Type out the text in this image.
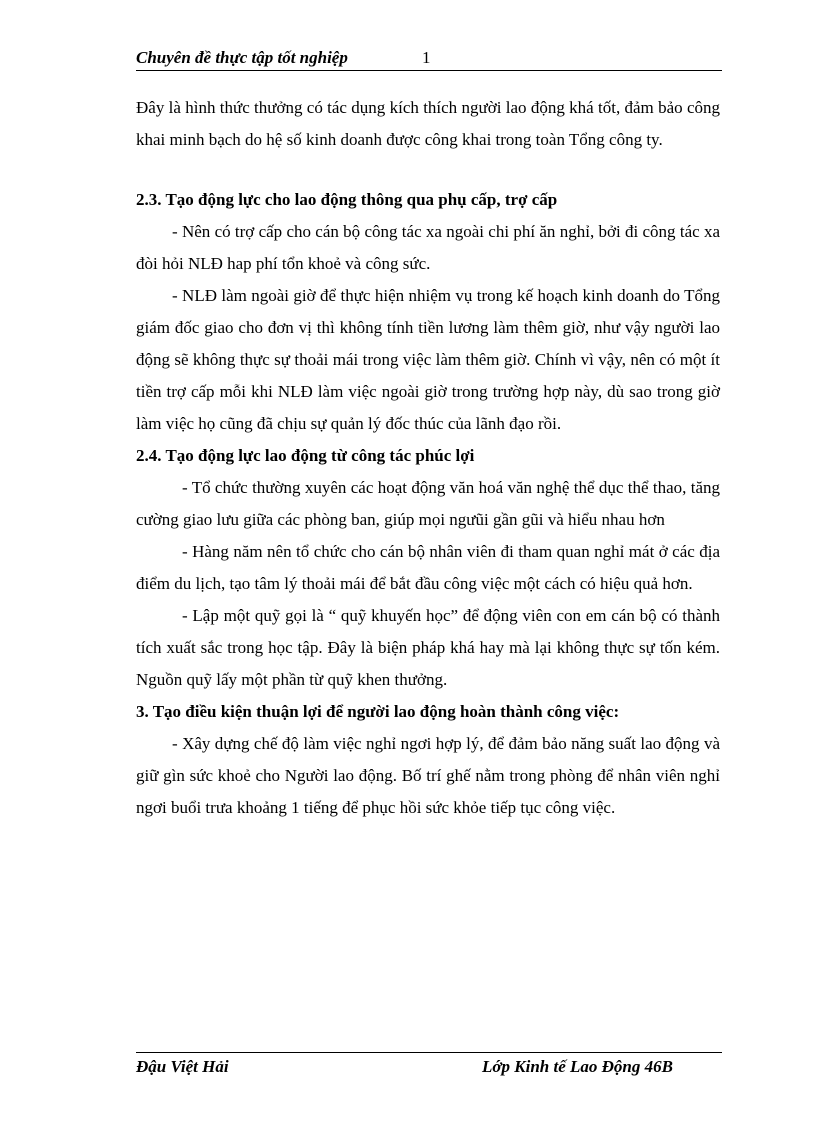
Chuyên đề thực tập tốt nghiệp	1

Đây là hình thức thưởng có tác dụng kích thích người lao động khá tốt, đảm bảo công khai minh bạch do hệ số kinh doanh được công khai trong toàn Tổng công ty.

2.3. Tạo động lực cho lao động thông qua phụ cấp, trợ cấp

- Nên có trợ cấp cho cán bộ công tác xa ngoài chi phí ăn nghỉ, bởi đi công tác xa đòi hỏi NLĐ hap phí tổn khoẻ và công sức.

- NLĐ làm ngoài giờ để thực hiện nhiệm vụ trong kế hoạch kinh doanh do Tổng giám đốc giao cho đơn vị thì không tính tiền lương làm thêm giờ, như vậy người lao động sẽ không thực sự thoải mái trong việc làm thêm giờ. Chính vì vậy, nên có một ít tiền trợ cấp mỗi khi NLĐ làm việc ngoài giờ trong trường hợp này, dù sao trong giờ làm việc họ cũng đã chịu sự quản lý đốc thúc của lãnh đạo rồi.

2.4. Tạo động lực lao động từ công tác phúc lợi

- Tổ chức thường xuyên các hoạt động văn hoá văn nghệ thể dục thể thao, tăng cường giao lưu giữa các phòng ban, giúp mọi ngưũi gần gũi và hiểu nhau hơn

- Hàng năm nên tổ chức cho cán bộ nhân viên đi tham quan nghỉ mát ở các địa điểm du lịch, tạo tâm lý thoải mái để bắt đầu công việc một cách có hiệu quả hơn.

- Lập một quỹ gọi là “ quỹ khuyến học” để động viên con em cán bộ có thành tích xuất sắc trong học tập. Đây là biện pháp khá hay mà lại không thực sự tốn kém. Nguồn quỹ lấy một phần từ quỹ khen thưởng.

3. Tạo điều kiện thuận lợi để người lao động hoàn thành công việc:

- Xây dựng chế độ làm việc nghỉ ngơi hợp lý, để đảm bảo năng suất lao động và giữ gìn sức khoẻ cho Người lao động. Bố trí ghế nằm trong phòng để nhân viên nghỉ ngơi buổi trưa khoảng 1 tiếng để phục hồi sức khỏe tiếp tục công việc.

Đậu Việt Hải	Lớp Kinh tế Lao Động 46B
